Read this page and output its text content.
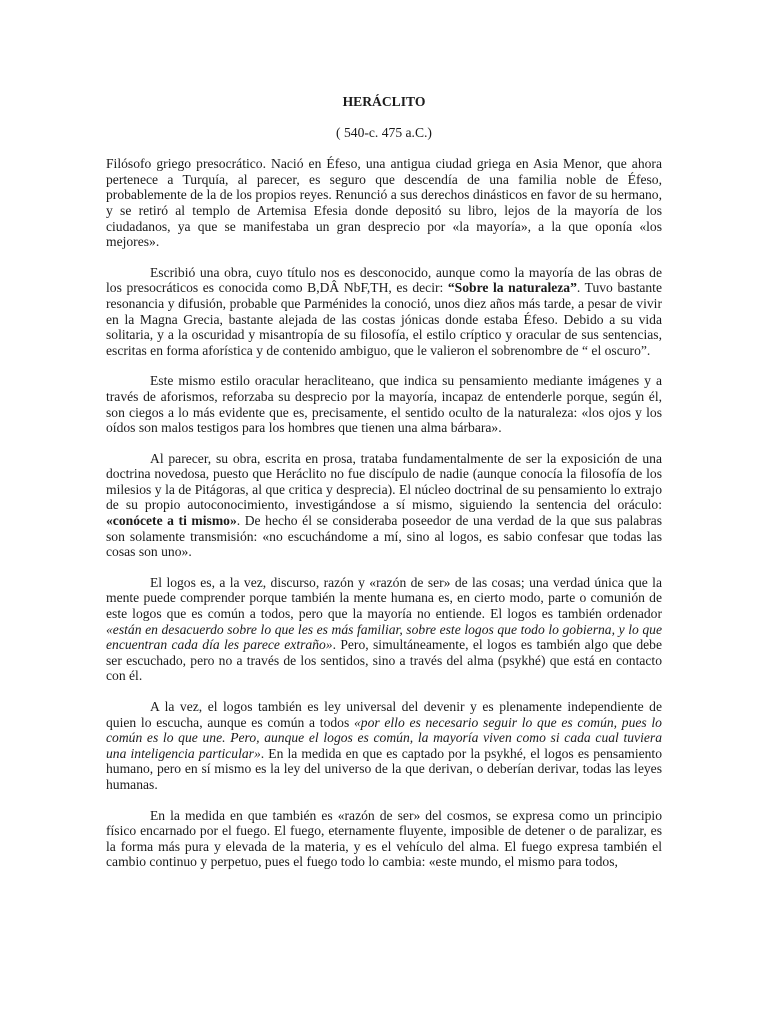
HERÁCLITO
( 540-c. 475 a.C.)

Filósofo griego presocrático. Nació en Éfeso, una antigua ciudad griega en Asia Menor, que ahora pertenece a Turquía, al parecer, es seguro que descendía de una familia noble de Éfeso, probablemente de la de los propios reyes. Renunció a sus derechos dinásticos en favor de su hermano, y se retiró al templo de Artemisa Efesia donde depositó su libro, lejos de la mayoría de los ciudadanos, ya que se manifestaba un gran desprecio por «la mayoría», a la que oponía «los mejores».

Escribió una obra, cuyo título nos es desconocido, aunque como la mayoría de las obras de los presocráticos es conocida como B,DÂ NbF,TH, es decir: “Sobre la naturaleza”. Tuvo bastante resonancia y difusión, probable que Parménides la conoció, unos diez años más tarde, a pesar de vivir en la Magna Grecia, bastante alejada de las costas jónicas donde estaba Éfeso. Debido a su vida solitaria, y a la oscuridad y misantropía de su filosofía, el estilo críptico y oracular de sus sentencias, escritas en forma aforística y de contenido ambiguo, que le valieron el sobrenombre de “ el oscuro”.

Este mismo estilo oracular heracliteano, que indica su pensamiento mediante imágenes y a través de aforismos, reforzaba su desprecio por la mayoría, incapaz de entenderle porque, según él, son ciegos a lo más evidente que es, precisamente, el sentido oculto de la naturaleza: «los ojos y los oídos son malos testigos para los hombres que tienen una alma bárbara».

Al parecer, su obra, escrita en prosa, trataba fundamentalmente de ser la exposición de una doctrina novedosa, puesto que Heráclito no fue discípulo de nadie (aunque conocía la filosofía de los milesios y la de Pitágoras, al que critica y desprecia). El núcleo doctrinal de su pensamiento lo extrajo de su propio autoconocimiento, investigándose a sí mismo, siguiendo la sentencia del oráculo: «conócete a ti mismo». De hecho él se consideraba poseedor de una verdad de la que sus palabras son solamente transmisión: «no escuchándome a mí, sino al logos, es sabio confesar que todas las cosas son uno».

El logos es, a la vez, discurso, razón y «razón de ser» de las cosas; una verdad única que la mente puede comprender porque también la mente humana es, en cierto modo, parte o comunión de este logos que es común a todos, pero que la mayoría no entiende. El logos es también ordenador «están en desacuerdo sobre lo que les es más familiar, sobre este logos que todo lo gobierna, y lo que encuentran cada día les parece extraño». Pero, simultáneamente, el logos es también algo que debe ser escuchado, pero no a través de los sentidos, sino a través del alma (psykhé) que está en contacto con él.

A la vez, el logos también es ley universal del devenir y es plenamente independiente de quien lo escucha, aunque es común a todos «por ello es necesario seguir lo que es común, pues lo común es lo que une. Pero, aunque el logos es común, la mayoría viven como si cada cual tuviera una inteligencia particular». En la medida en que es captado por la psykhé, el logos es pensamiento humano, pero en sí mismo es la ley del universo de la que derivan, o deberían derivar, todas las leyes humanas.

En la medida en que también es «razón de ser» del cosmos, se expresa como un principio físico encarnado por el fuego. El fuego, eternamente fluyente, imposible de detener o de paralizar, es la forma más pura y elevada de la materia, y es el vehículo del alma. El fuego expresa también el cambio continuo y perpetuo, pues el fuego todo lo cambia: «este mundo, el mismo para todos,
